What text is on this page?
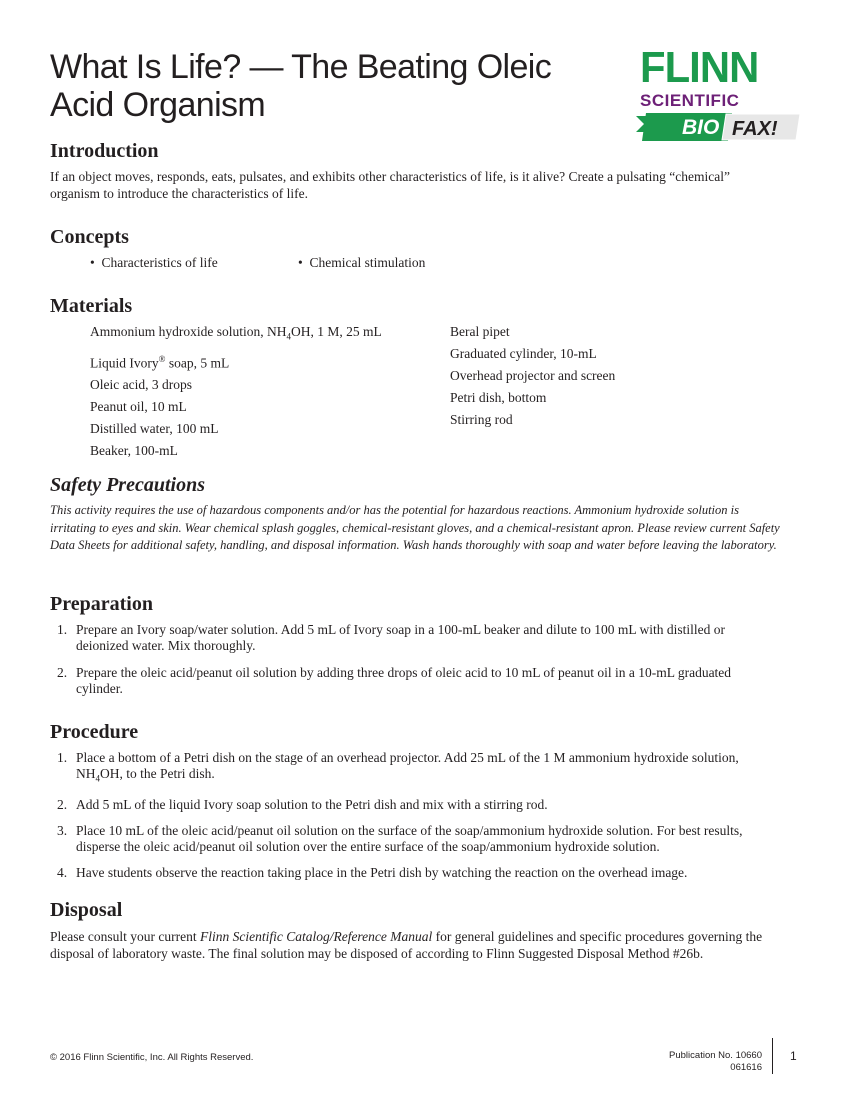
What Is Life? — The Beating Oleic
Acid Organism
FLINN
SCIENTIFIC
BIO FAX!
Introduction

If an object moves, responds, eats, pulsates, and exhibits other characteristics of life, is it alive? Create a pulsating “chemical” organism to introduce the characteristics of life.

Concepts
•  Characteristics of life	•  Chemical stimulation
Materials
Ammonium hydroxide solution, $NH_4OH$, 1 M, 25 mL
Liquid Ivory® soap, 5 mL
Oleic acid, 3 drops
Peanut oil, 10 mL
Distilled water, 100 mL
Beaker, 100-mL
Beral pipet
Graduated cylinder, 10-mL
Overhead projector and screen
Petri dish, bottom
Stirring rod
Safety Precautions

This activity requires the use of hazardous components and/or has the potential for hazardous reactions. Ammonium hydroxide solution is irritating to eyes and skin. Wear chemical splash goggles, chemical-resistant gloves, and a chemical-resistant apron. Please review current Safety Data Sheets for additional safety, handling, and disposal information. Wash hands thoroughly with soap and water before leaving the laboratory.

Preparation
1. Prepare an Ivory soap/water solution. Add 5 mL of Ivory soap in a 100-mL beaker and dilute to 100 mL with distilled or deionized water. Mix thoroughly.
2. Prepare the oleic acid/peanut oil solution by adding three drops of oleic acid to 10 mL of peanut oil in a 10-mL graduated cylinder.
Procedure
1. Place a bottom of a Petri dish on the stage of an overhead projector. Add 25 mL of the 1 M ammonium hydroxide solution, $NH_4OH$, to the Petri dish.
2. Add 5 mL of the liquid Ivory soap solution to the Petri dish and mix with a stirring rod.
3. Place 10 mL of the oleic acid/peanut oil solution on the surface of the soap/ammonium hydroxide solution. For best results, disperse the oleic acid/peanut oil solution over the entire surface of the soap/ammonium hydroxide solution.
4. Have students observe the reaction taking place in the Petri dish by watching the reaction on the overhead image.
Disposal

Please consult your current Flinn Scientific Catalog/Reference Manual for general guidelines and specific procedures governing the disposal of laboratory waste. The final solution may be disposed of according to Flinn Suggested Disposal Method #26b.

© 2016 Flinn Scientific, Inc. All Rights Reserved.	Publication No. 10660
061616
1
